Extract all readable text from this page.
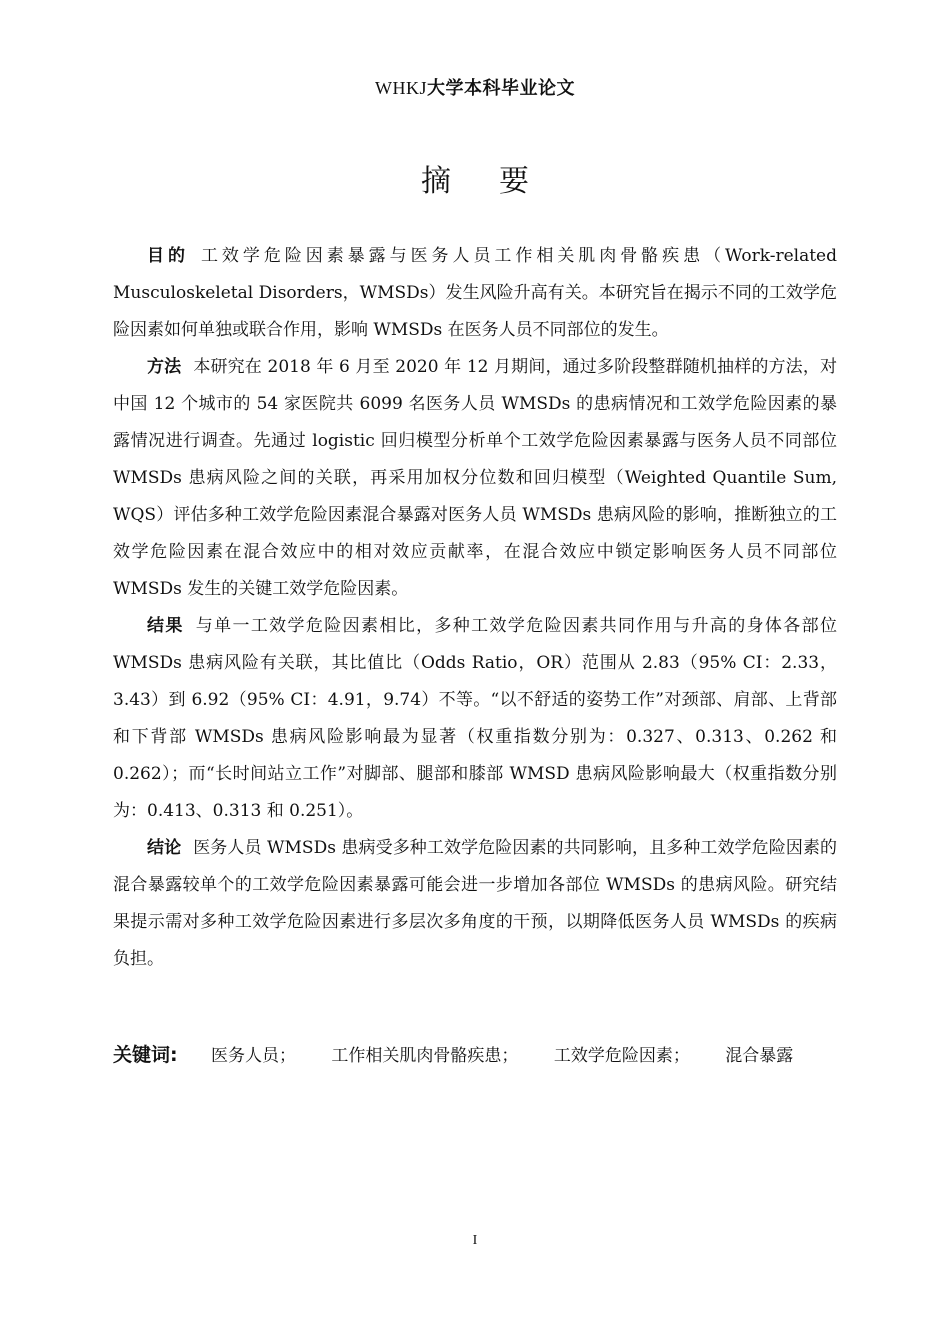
WHKJ大学本科毕业论文
摘要

目的 工效学危险因素暴露与医务人员工作相关肌肉骨骼疾患（Work-related Musculoskeletal Disorders，WMSDs）发生风险升高有关。本研究旨在揭示不同的工效学危险因素如何单独或联合作用，影响 WMSDs 在医务人员不同部位的发生。

方法 本研究在 2018 年 6 月至 2020 年 12 月期间，通过多阶段整群随机抽样的方法，对中国 12 个城市的 54 家医院共 6099 名医务人员 WMSDs 的患病情况和工效学危险因素的暴露情况进行调查。先通过 logistic 回归模型分析单个工效学危险因素暴露与医务人员不同部位 WMSDs 患病风险之间的关联，再采用加权分位数和回归模型（Weighted Quantile Sum, WQS）评估多种工效学危险因素混合暴露对医务人员 WMSDs 患病风险的影响，推断独立的工效学危险因素在混合效应中的相对效应贡献率，在混合效应中锁定影响医务人员不同部位 WMSDs 发生的关键工效学危险因素。

结果 与单一工效学危险因素相比，多种工效学危险因素共同作用与升高的身体各部位 WMSDs 患病风险有关联，其比值比（Odds Ratio，OR）范围从 2.83（95% CI：2.33，3.43）到 6.92（95% CI：4.91，9.74）不等。“以不舒适的姿势工作”对颈部、肩部、上背部和下背部 WMSDs 患病风险影响最为显著（权重指数分别为：0.327、0.313、0.262 和 0.262）；而“长时间站立工作”对脚部、腿部和膝部 WMSD 患病风险影响最大（权重指数分别为：0.413、0.313 和 0.251）。

结论 医务人员 WMSDs 患病受多种工效学危险因素的共同影响，且多种工效学危险因素的混合暴露较单个的工效学危险因素暴露可能会进一步增加各部位 WMSDs 的患病风险。研究结果提示需对多种工效学危险因素进行多层次多角度的干预，以期降低医务人员 WMSDs 的疾病负担。

关键词: 医务人员； 工作相关肌肉骨骼疾患； 工效学危险因素； 混合暴露
I
